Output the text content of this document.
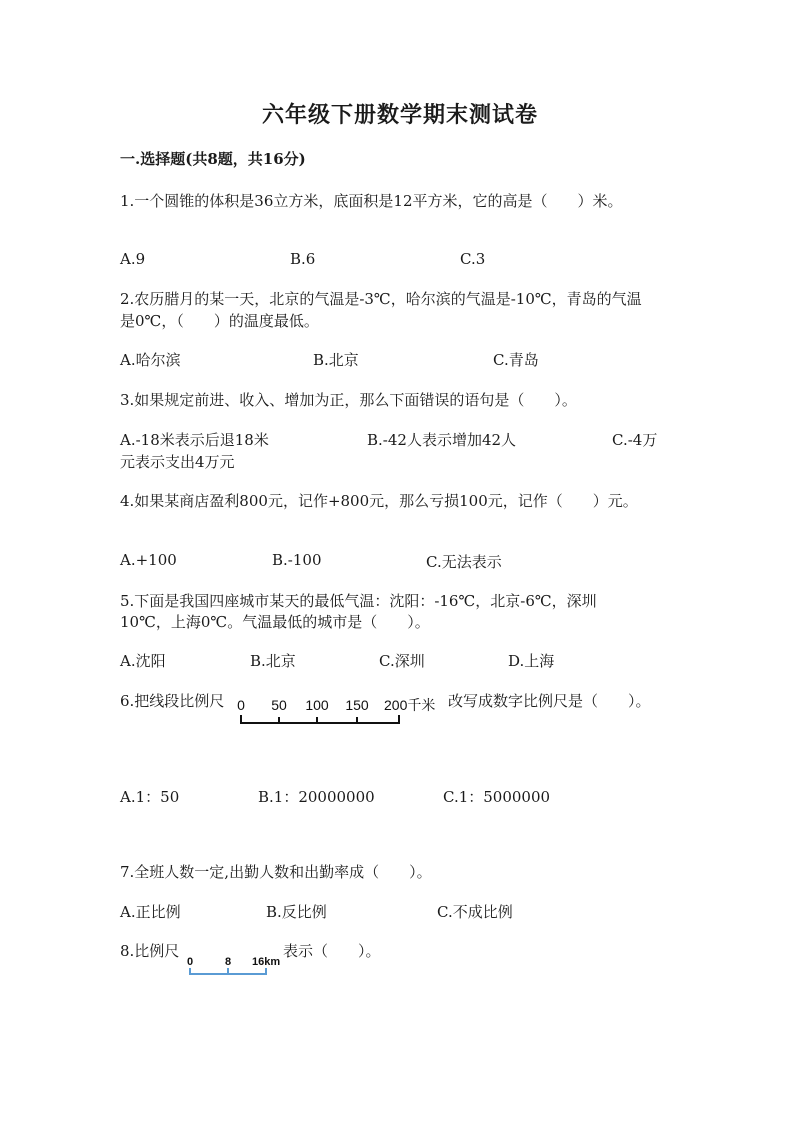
六年级下册数学期末测试卷
一.选择题(共8题，共16分)
1.一个圆锥的体积是36立方米，底面积是12平方米，它的高是（　　）米。
A.9	B.6	C.3
2.农历腊月的某一天，北京的气温是-3℃，哈尔滨的气温是-10℃，青岛的气温
是0℃，（　　）的温度最低。
A.哈尔滨	B.北京	C.青岛
3.如果规定前进、收入、增加为正，那么下面错误的语句是（　　）。
A.-18米表示后退18米	B.-42人表示增加42人	C.-4万
元表示支出4万元
4.如果某商店盈利800元，记作+800元，那么亏损100元，记作（　　）元。
A.+100	B.-100	C.无法表示
5.下面是我国四座城市某天的最低气温：沈阳：-16℃，北京-6℃，深圳
10℃，上海0℃。气温最低的城市是（　　）。
A.沈阳	B.北京	C.深圳	D.上海
6.把线段比例尺 0 50 100 150 200千米 改写成数字比例尺是（　　）。
A.1：50	B.1：20000000	C.1：5000000
7.全班人数一定,出勤人数和出勤率成（　　）。
A.正比例	B.反比例	C.不成比例
8.比例尺
0	8 16km
表示（　　）。
